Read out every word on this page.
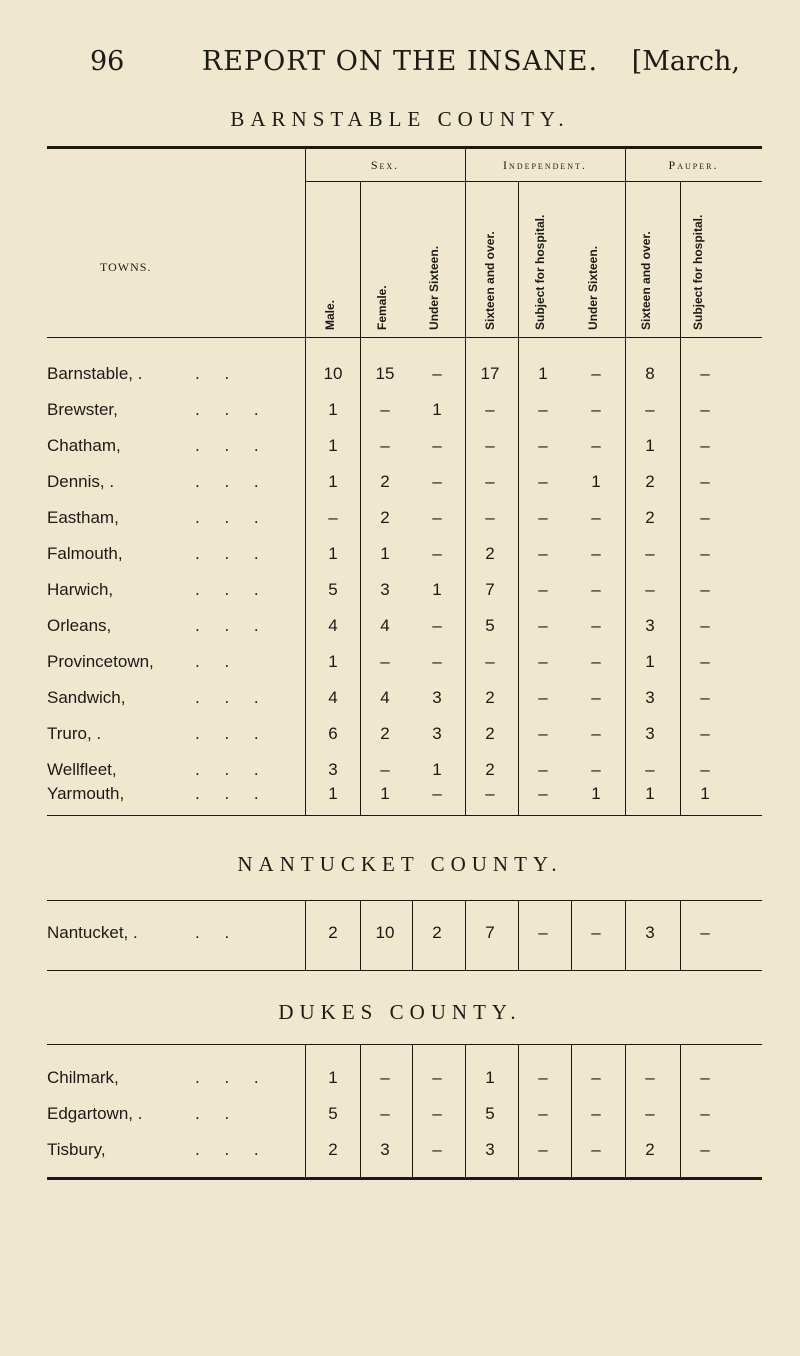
96	REPORT ON THE INSANE.	[March,
BARNSTABLE COUNTY.
Sex.	Independent.	Pauper.
TOWNS.
Male.	Female.	Under Sixteen.	Sixteen and over.	Subject for hospital.	Under Sixteen.	Sixteen and over.	Subject for hospital.
Barnstable, .	. .	10	15	–	17	1	–	8	–
Brewster,	. . .	1	–	1	–	–	–	–	–
Chatham,	. . .	1	–	–	–	–	–	1	–
Dennis, .	. . .	1	2	–	–	–	1	2	–
Eastham,	. . .	–	2	–	–	–	–	2	–
Falmouth,	. . .	1	1	–	2	–	–	–	–
Harwich,	. . .	5	3	1	7	–	–	–	–
Orleans,	. . .	4	4	–	5	–	–	3	–
Provincetown, . .	1	–	–	–	–	–	1	–
Sandwich,	. . .	4	4	3	2	–	–	3	–
Truro, .	. . .	6	2	3	2	–	–	3	–
Wellfleet,	. . .	3	–	1	2	–	–	–	–
Yarmouth,	. . .	1	1	–	–	–	1	1	1
NANTUCKET COUNTY.
Nantucket, .	. .	2	10	2	7	–	–	3	–
DUKES COUNTY.
Chilmark,	. . .	1	–	–	1	–	–	–	–
Edgartown, .	. .	5	–	–	5	–	–	–	–
Tisbury,	. . .	2	3	–	3	–	–	2	–
